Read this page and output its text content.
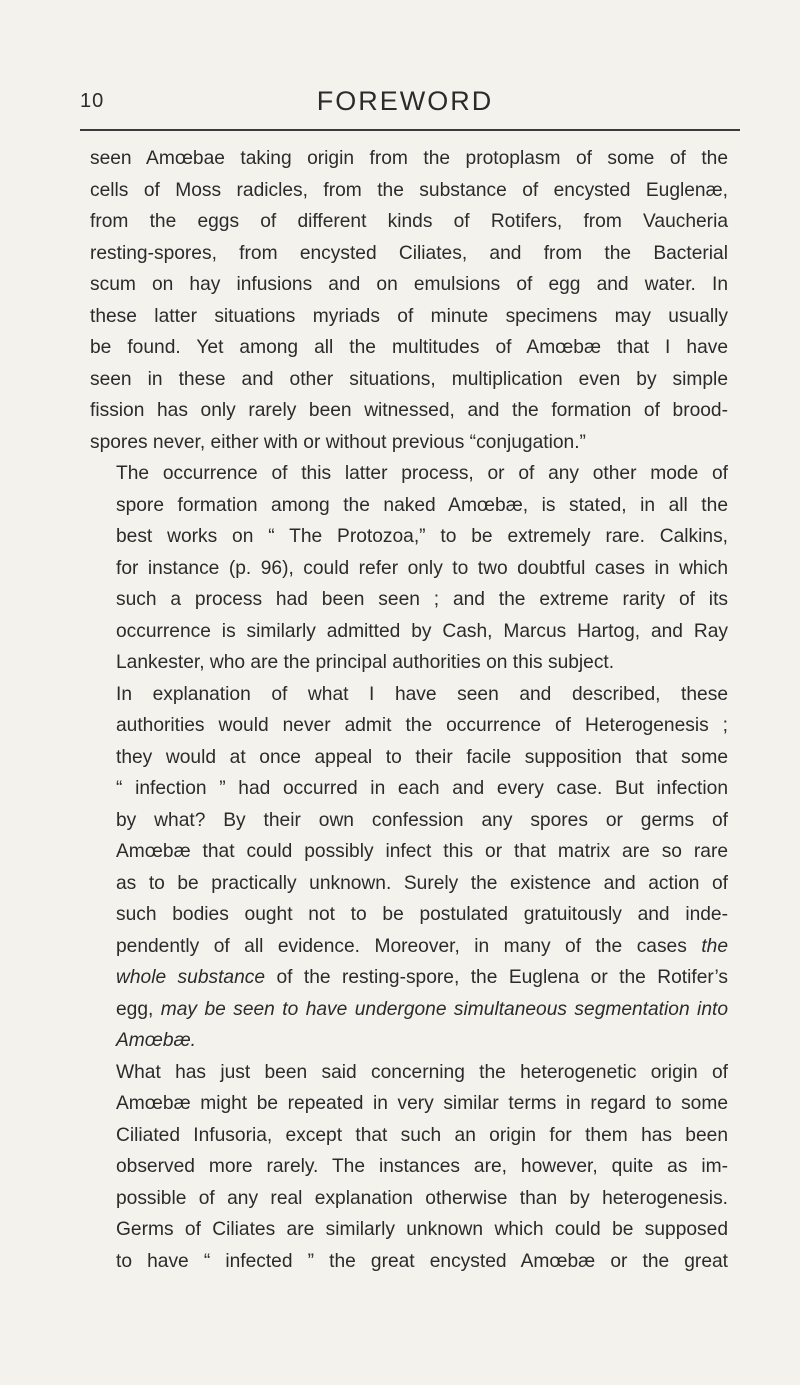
10	FOREWORD

seen Amœbae taking origin from the protoplasm of some of the
cells of Moss radicles, from the substance of encysted Euglenæ,
from the eggs of different kinds of Rotifers, from Vaucheria
resting-spores, from encysted Ciliates, and from the Bacterial
scum on hay infusions and on emulsions of egg and water. In
these latter situations myriads of minute specimens may usually
be found. Yet among all the multitudes of Amœbæ that I have
seen in these and other situations, multiplication even by simple
fission has only rarely been witnessed, and the formation of brood-
spores never, either with or without previous “conjugation.”

The occurrence of this latter process, or of any other mode of
spore formation among the naked Amœbæ, is stated, in all the
best works on “ The Protozoa,” to be extremely rare. Calkins,
for instance (p. 96), could refer only to two doubtful cases in which
such a process had been seen ; and the extreme rarity of its
occurrence is similarly admitted by Cash, Marcus Hartog, and Ray
Lankester, who are the principal authorities on this subject.

In explanation of what I have seen and described, these
authorities would never admit the occurrence of Heterogenesis ;
they would at once appeal to their facile supposition that some
“ infection ” had occurred in each and every case. But infection
by what? By their own confession any spores or germs of
Amœbæ that could possibly infect this or that matrix are so rare
as to be practically unknown. Surely the existence and action of
such bodies ought not to be postulated gratuitously and inde-
pendently of all evidence. Moreover, in many of the cases the
whole substance of the resting-spore, the Euglena or the Rotifer’s
egg, may be seen to have undergone simultaneous segmentation into
Amœbæ.

What has just been said concerning the heterogenetic origin of
Amœbæ might be repeated in very similar terms in regard to some
Ciliated Infusoria, except that such an origin for them has been
observed more rarely. The instances are, however, quite as im-
possible of any real explanation otherwise than by heterogenesis.
Germs of Ciliates are similarly unknown which could be supposed
to have “ infected ” the great encysted Amœbæ or the great
